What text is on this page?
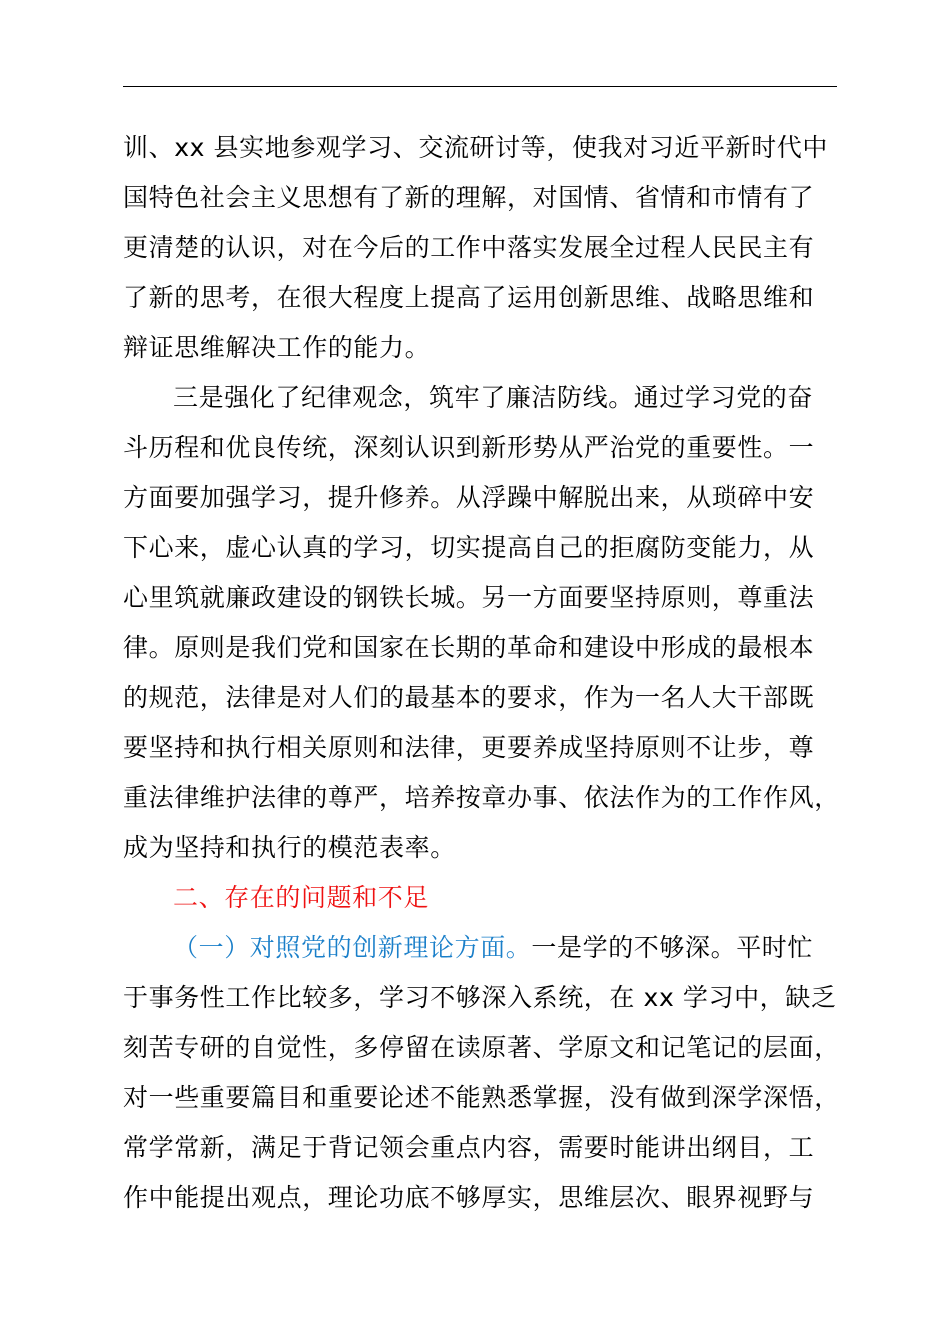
训、xx 县实地参观学习、交流研讨等，使我对习近平新时代中
国特色社会主义思想有了新的理解，对国情、省情和市情有了
更清楚的认识，对在今后的工作中落实发展全过程人民民主有
了新的思考，在很大程度上提高了运用创新思维、战略思维和
辩证思维解决工作的能力。
三是强化了纪律观念，筑牢了廉洁防线。通过学习党的奋
斗历程和优良传统，深刻认识到新形势从严治党的重要性。一
方面要加强学习，提升修养。从浮躁中解脱出来，从琐碎中安
下心来，虚心认真的学习，切实提高自己的拒腐防变能力，从
心里筑就廉政建设的钢铁长城。另一方面要坚持原则，尊重法
律。原则是我们党和国家在长期的革命和建设中形成的最根本
的规范，法律是对人们的最基本的要求，作为一名人大干部既
要坚持和执行相关原则和法律，更要养成坚持原则不让步，尊
重法律维护法律的尊严，培养按章办事、依法作为的工作作风，
成为坚持和执行的模范表率。
二、存在的问题和不足
（一）对照党的创新理论方面。一是学的不够深。平时忙
于事务性工作比较多，学习不够深入系统，在 xx 学习中，缺乏
刻苦专研的自觉性，多停留在读原著、学原文和记笔记的层面，
对一些重要篇目和重要论述不能熟悉掌握，没有做到深学深悟，
常学常新，满足于背记领会重点内容，需要时能讲出纲目，工
作中能提出观点，理论功底不够厚实，思维层次、眼界视野与
